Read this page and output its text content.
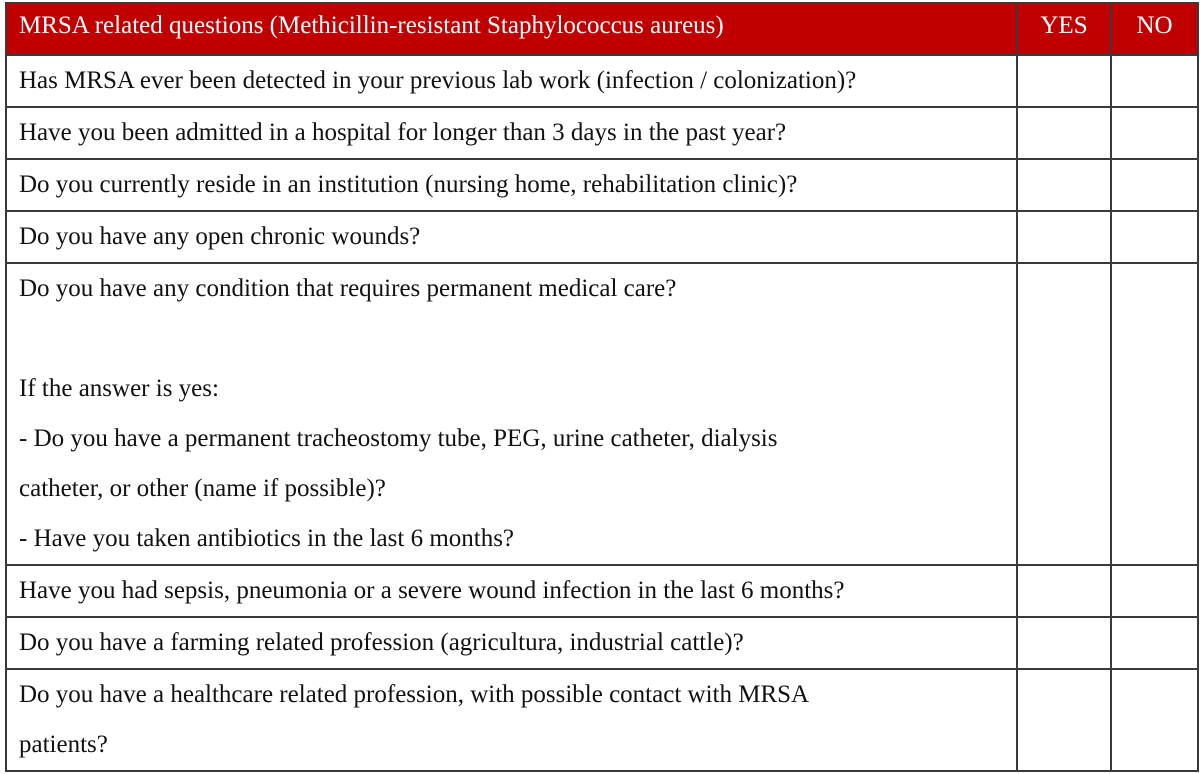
MRSA related questions (Methicillin-resistant Staphylococcus aureus)	YES	NO

Has MRSA ever been detected in your previous lab work (infection / colonization)?		

Have you been admitted in a hospital for longer than 3 days in the past year?		

Do you currently reside in an institution (nursing home, rehabilitation clinic)?		

Do you have any open chronic wounds?		

Do you have any condition that requires permanent medical care?
If the answer is yes:
- Do you have a permanent tracheostomy tube, PEG, urine catheter, dialysis
catheter, or other (name if possible)?
- Have you taken antibiotics in the last 6 months?		

Have you had sepsis, pneumonia or a severe wound infection in the last 6 months?		

Do you have a farming related profession (agricultura, industrial cattle)?		

Do you have a healthcare related profession, with possible contact with MRSA
patients?		
